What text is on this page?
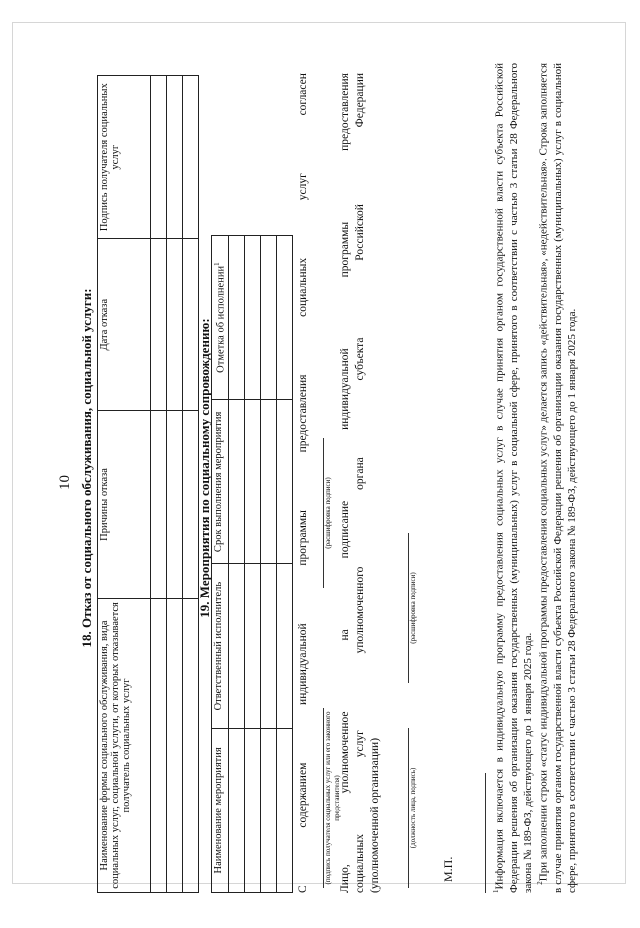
10 18. Отказ от социального обслуживания, социальной услуги:
Наименование формы социального обслуживания, вида социальных услуг, социальной услуги, от которых отказывается получатель социальных услуг	Причины отказа	Дата отказа	Подпись получателя социальных услуг

19. Мероприятия по социальному сопровождению:
Наименование мероприятия	Ответственный исполнитель	Срок выполнения мероприятия	Отметка об исполнении$^1$

С
содержанием
индивидуальной
программы
предоставления
социальных
услуг
согласен
(подпись получателя социальных услуг или его законного представителя)
(расшифровка подписи)
Лицо,
уполномоченное
на
подписание
индивидуальной
программы
предоставления
социальных
услуг
уполномоченного
органа
субъекта
Российской
Федерации
(уполномоченной организации)	(должность лица, подпись)
(расшифровка подписи)
М.П.
$^1$Информация включается в индивидуальную программу предоставления социальных услуг в случае принятия органом государственной власти субъекта Российской Федерации решения об организации оказания государственных (муниципальных) услуг в социальной сфере, принятого в соответствии с частью 3 статьи 28 Федерального закона № 189-ФЗ, действующего до 1 января 2025 года. $^2$При заполнении строки «статус индивидуальной программы предоставления социальных услуг» делается запись «действительная», «недействительная». Строка заполняется в случае принятия органом государственной власти субъекта Российской Федерации решения об организации оказания государственных (муниципальных) услуг в социальной сфере, принятого в соответствии с частью 3 статьи 28 Федерального закона № 189-ФЗ, действующего до 1 января 2025 года.
